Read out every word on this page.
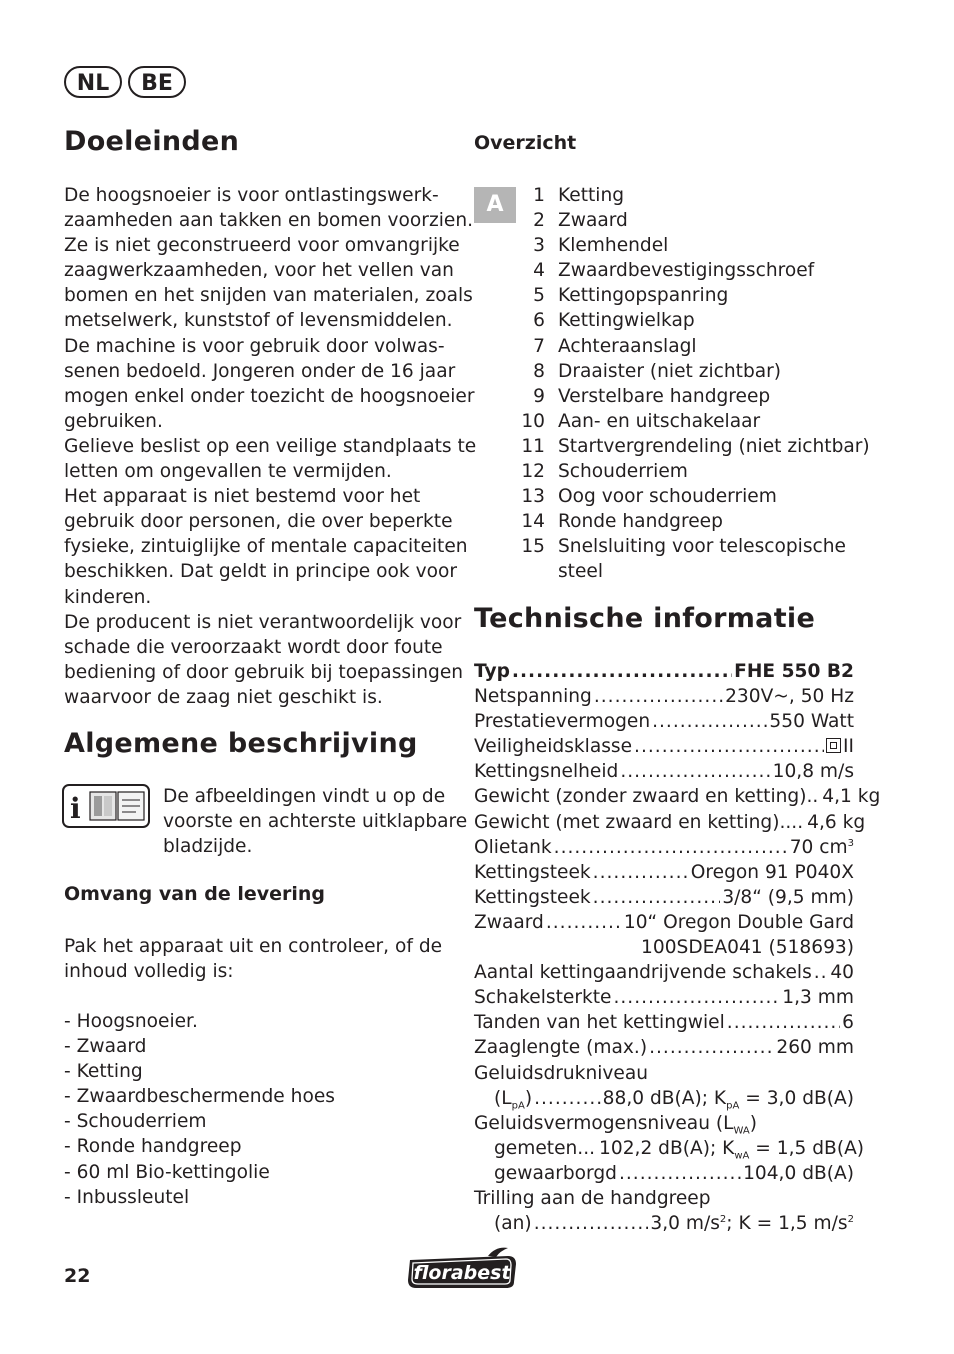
NL	BE
Doeleinden
De hoogsnoeier is voor ontlastingswerk-
zaamheden aan takken en bomen voorzien.
Ze is niet geconstrueerd voor omvangrijke
zaagwerkzaamheden, voor het vellen van
bomen en het snijden van materialen, zoals
metselwerk, kunststof of levensmiddelen.
De machine is voor gebruik door volwas-
senen bedoeld. Jongeren onder de 16 jaar
mogen enkel onder toezicht de hoogsnoeier
gebruiken.
Gelieve beslist op een veilige standplaats te
letten om ongevallen te vermijden.
Het apparaat is niet bestemd voor het
gebruik door personen, die over beperkte
fysieke, zintuiglijke of mentale capaciteiten
beschikken. Dat geldt in principe ook voor
kinderen.
De producent is niet verantwoordelijk voor
schade die veroorzaakt wordt door foute
bediening of door gebruik bij toepassingen
waarvoor de zaag niet geschikt is.
Algemene beschrijving
i	De afbeeldingen vindt u op de
voorste en achterste uitklapbare
bladzijde.
Omvang van de levering
Pak het apparaat uit en controleer, of de
inhoud volledig is:
- Hoogsnoeier.
- Zwaard
- Ketting
- Zwaardbeschermende hoes
- Schouderriem
- Ronde handgreep
- 60 ml Bio-kettingolie
- Inbussleutel
Overzicht
A	1 Ketting
2 Zwaard
3 Klemhendel
4 Zwaardbevestigingsschroef
5 Kettingopspanring
6 Kettingwielkap
7 Achteraanslagl
8 Draaister (niet zichtbar)
9 Verstelbare handgreep
10 Aan- en uitschakelaar
11 Startvergrendeling (niet zichtbar)
12 Schouderriem
13 Oog voor schouderriem
14 Ronde handgreep
15 Snelsluiting voor telescopische
steel
Technische informatie
Typ .....	FHE 550 B2
Netspanning .....	230V~, 50 Hz
Prestatievermogen .....	550 Watt
Veiligheidsklasse .....	II
Kettingsnelheid .....	10,8 m/s
Gewicht (zonder zwaard en ketting).. 4,1 kg
Gewicht (met zwaard en ketting).... 4,6 kg
Olietank .....	70 $cm^3$
Kettingsteek .....	Oregon 91 P040X
Kettingsteek .....	3/8“ (9,5 mm)
Zwaard .....	10“ Oregon Double Gard
100SDEA041 (518693)
Aantal kettingaandrijvende schakels ..... 40
Schakelsterkte .....	1,3 mm
Tanden van het kettingwiel .....	6
Zaaglengte (max.) .....	260 mm
Geluidsdrukniveau
$(L_{pA})$ .....	88,0 dB(A); $K_{pA} = 3,0$ dB(A)
Geluidsvermogensniveau $(L_{WA})$
gemeten... 102,2 dB(A); $K_{wA} = 1,5$ dB(A)
gewaarborgd .....	104,0 dB(A)
Trilling aan de handgreep
(an) .....	3,0 $m/s^2$; K = 1,5 $m/s^2$
22	florabest
